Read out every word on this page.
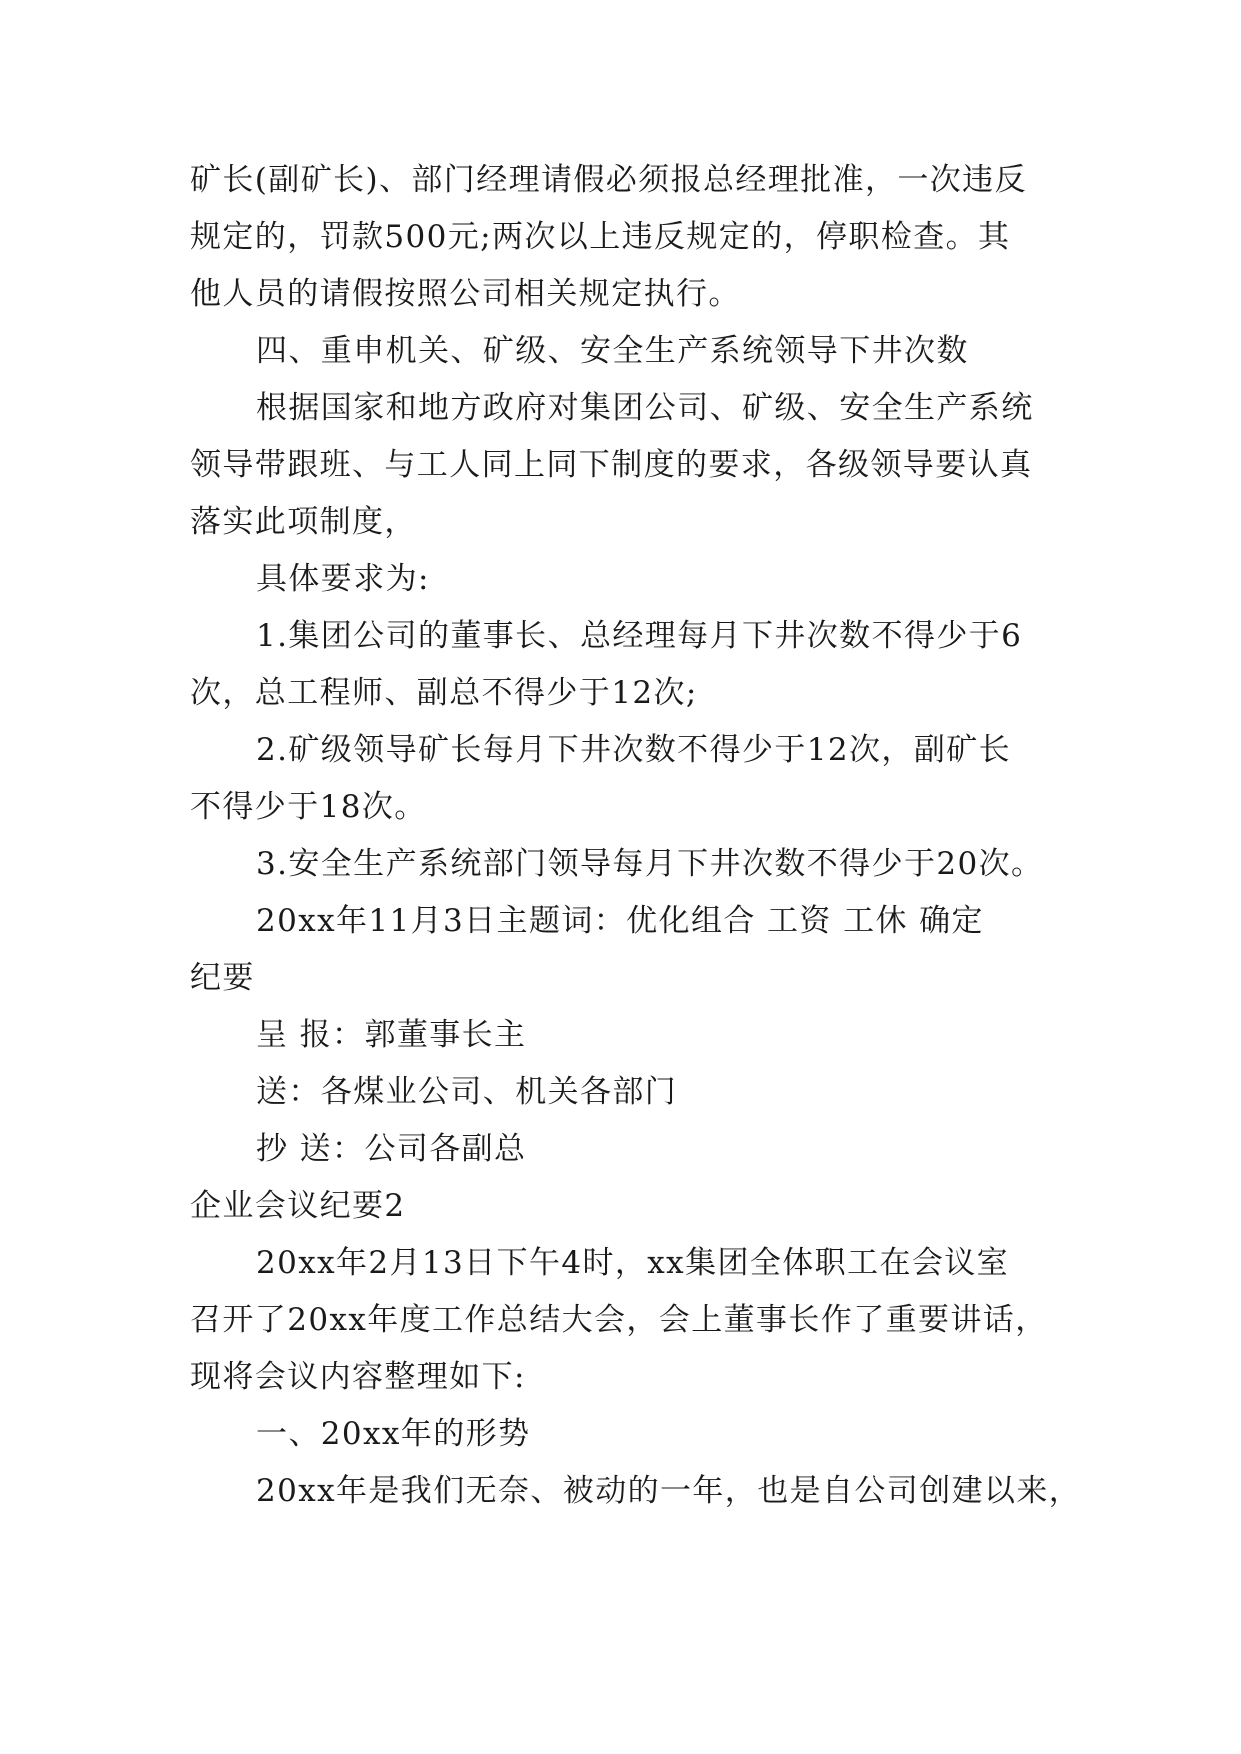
矿长(副矿长)、部门经理请假必须报总经理批准，一次违反
规定的，罚款500元;两次以上违反规定的，停职检查。其
他人员的请假按照公司相关规定执行。
四、重申机关、矿级、安全生产系统领导下井次数
根据国家和地方政府对集团公司、矿级、安全生产系统
领导带跟班、与工人同上同下制度的要求，各级领导要认真
落实此项制度，
具体要求为:
1.集团公司的董事长、总经理每月下井次数不得少于6
次，总工程师、副总不得少于12次;
2.矿级领导矿长每月下井次数不得少于12次，副矿长
不得少于18次。
3.安全生产系统部门领导每月下井次数不得少于20次。
20xx年11月3日主题词：优化组合 工资 工休 确定
纪要
呈 报：郭董事长主
送：各煤业公司、机关各部门
抄 送：公司各副总
企业会议纪要2
20xx年2月13日下午4时，xx集团全体职工在会议室
召开了20xx年度工作总结大会，会上董事长作了重要讲话，
现将会议内容整理如下:
一、20xx年的形势
20xx年是我们无奈、被动的一年，也是自公司创建以来，
